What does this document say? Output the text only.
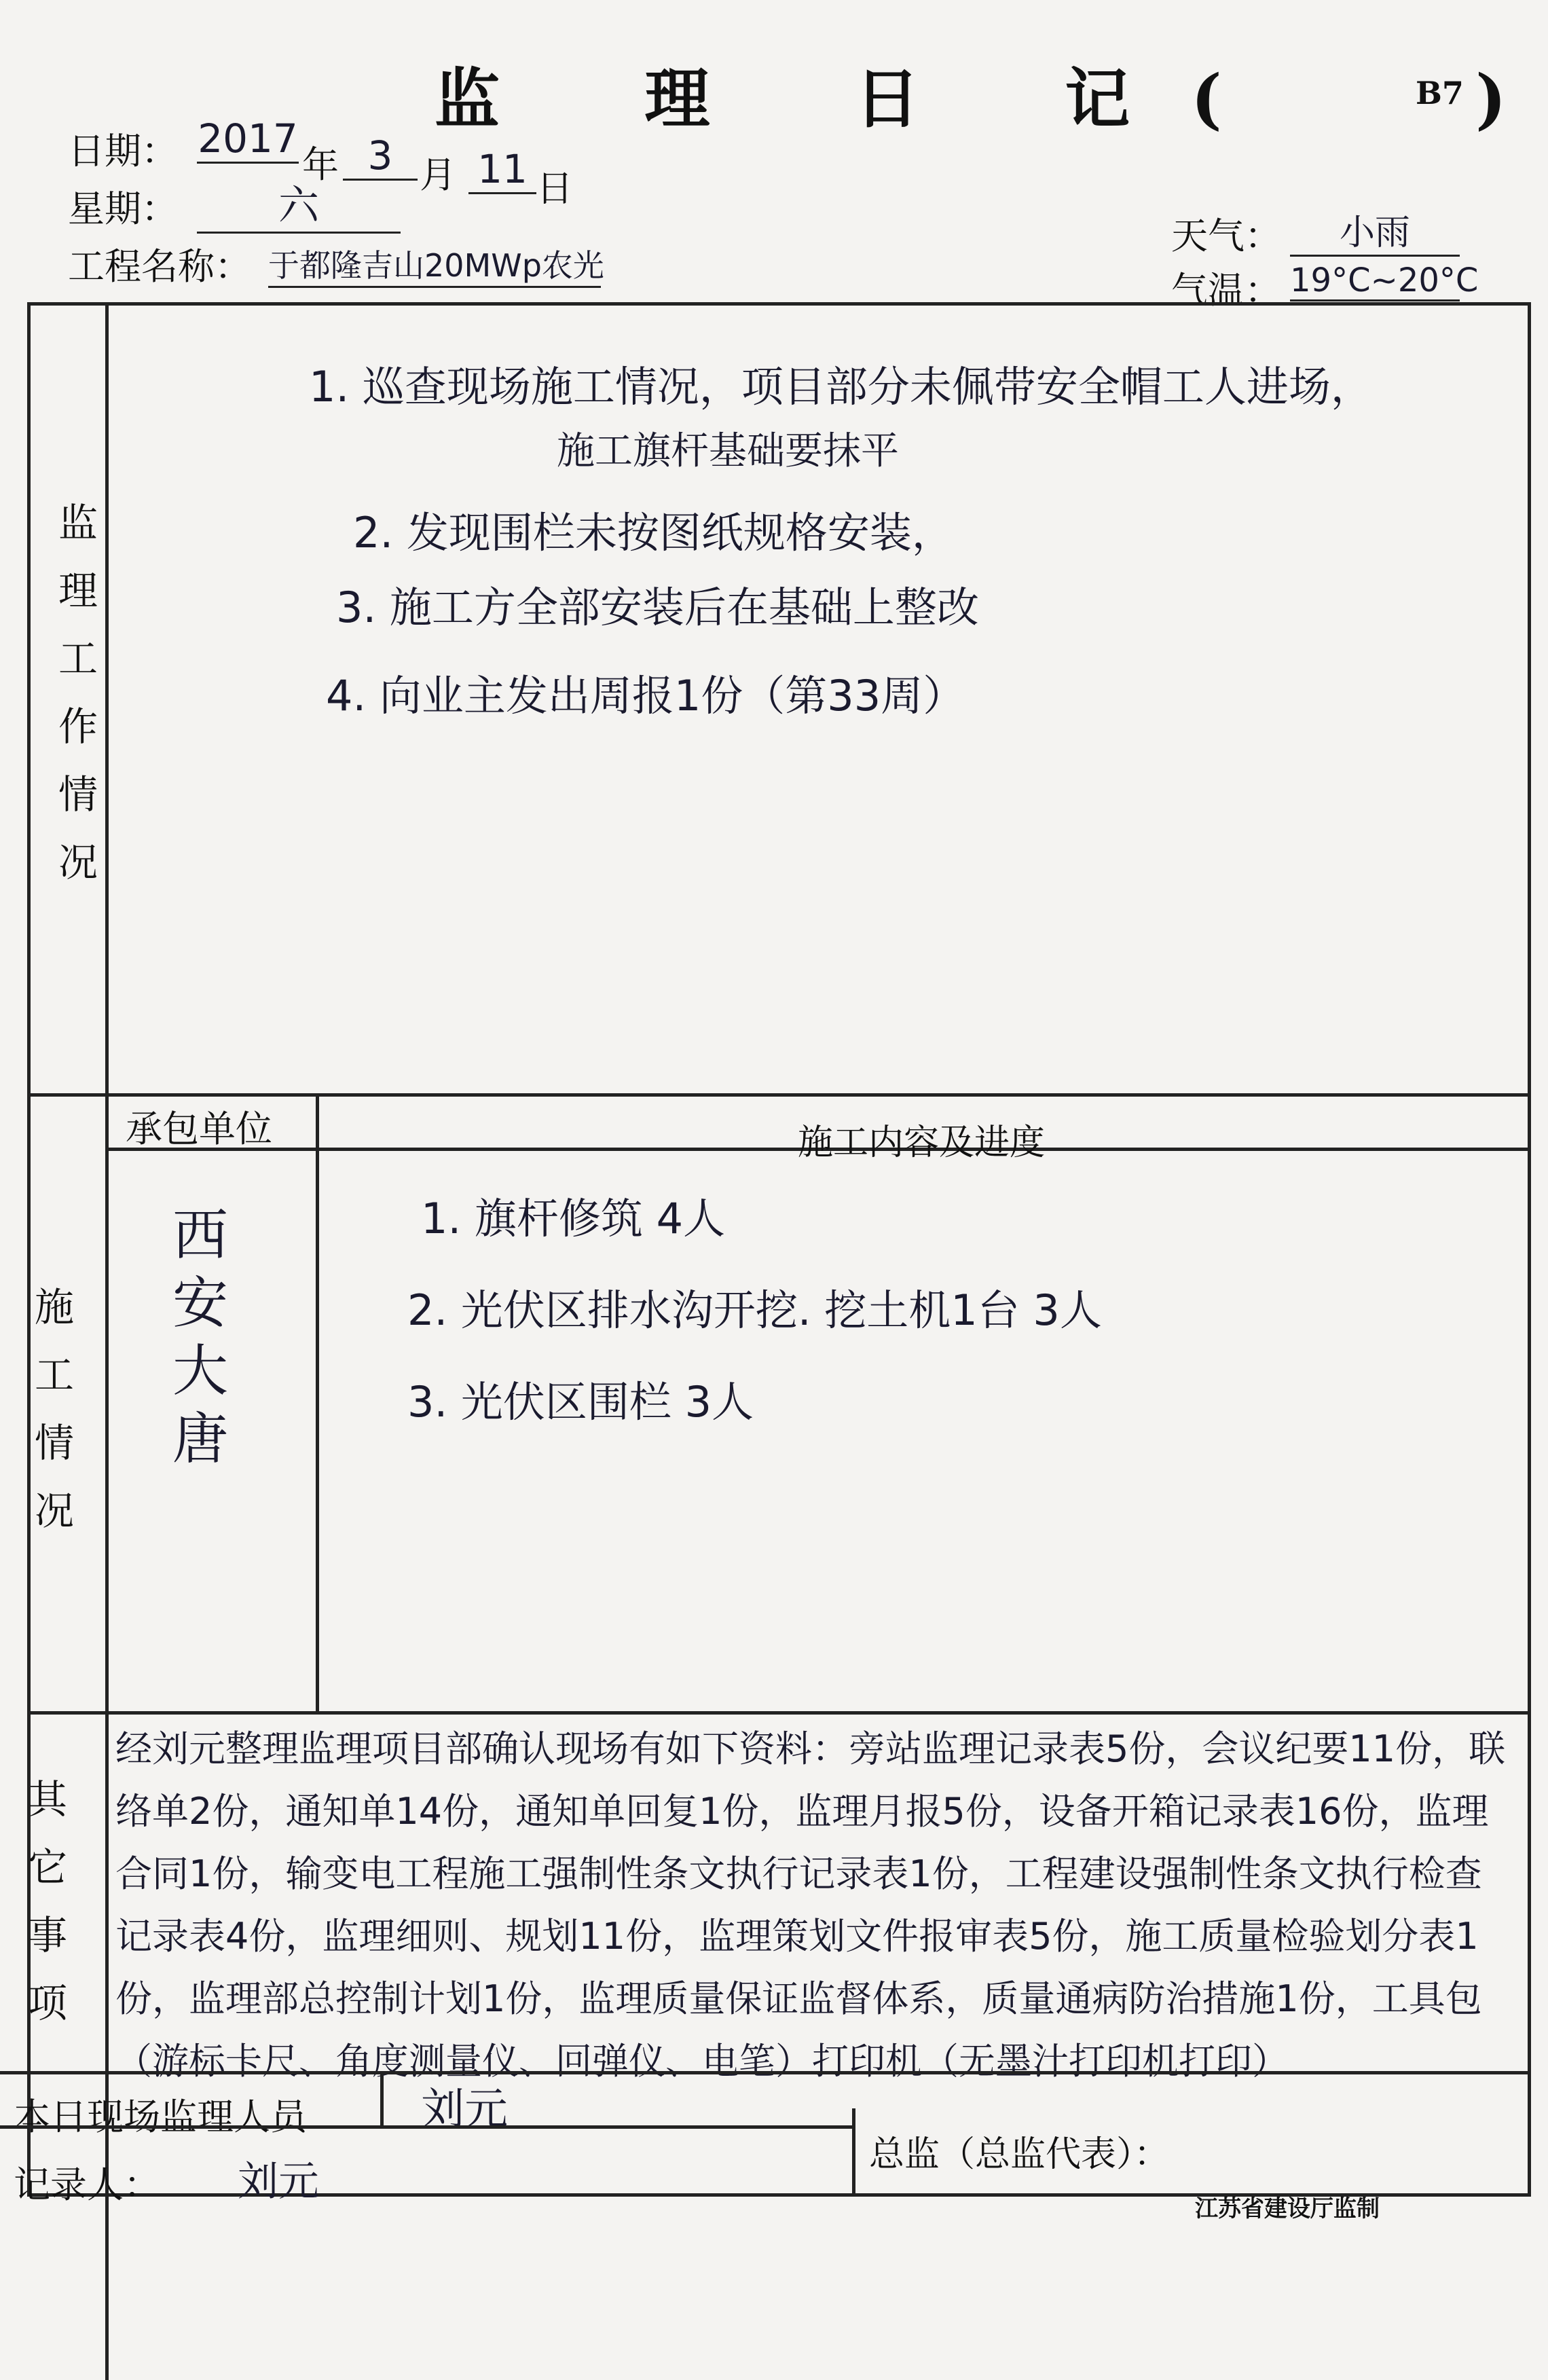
监 理 日 记(	)
B7
日期： 2017
年 3 月 11 日
星期：	六
工程名称： 于都隆吉山20MWp农光
天气：	小雨
气温： 19°C~20°C
监
理
工
作
情
况
1. 巡查现场施工情况，项目部分未佩带安全帽工人进场，
施工旗杆基础要抹平
2. 发现围栏未按图纸规格安装，
3. 施工方全部安装后在基础上整改
4. 向业主发出周报1份（第33周）
承包单位	施工内容及进度
施
工
情
况
西
安
大
唐
1. 旗杆修筑 4人
2. 光伏区排水沟开挖. 挖土机1台 3人
3. 光伏区围栏 3人
其
它
事
项
经刘元整理监理项目部确认现场有如下资料：旁站监理记录表5份，会议纪要11份，联络单2份，通知单14份，通知单回复1份，监理月报5份，设备开箱记录表16份，监理合同1份，输变电工程施工强制性条文执行记录表1份，工程建设强制性条文执行检查记录表4份，监理细则、规划11份，监理策划文件报审表5份，施工质量检验划分表1份，监理部总控制计划1份，监理质量保证监督体系，质量通病防治措施1份，工具包（游标卡尺、角度测量仪、回弹仪、电笔）打印机（无墨汁打印机打印）
本日现场监理人员	刘元
记录人： 刘元
总监（总监代表）：
江苏省建设厅监制
